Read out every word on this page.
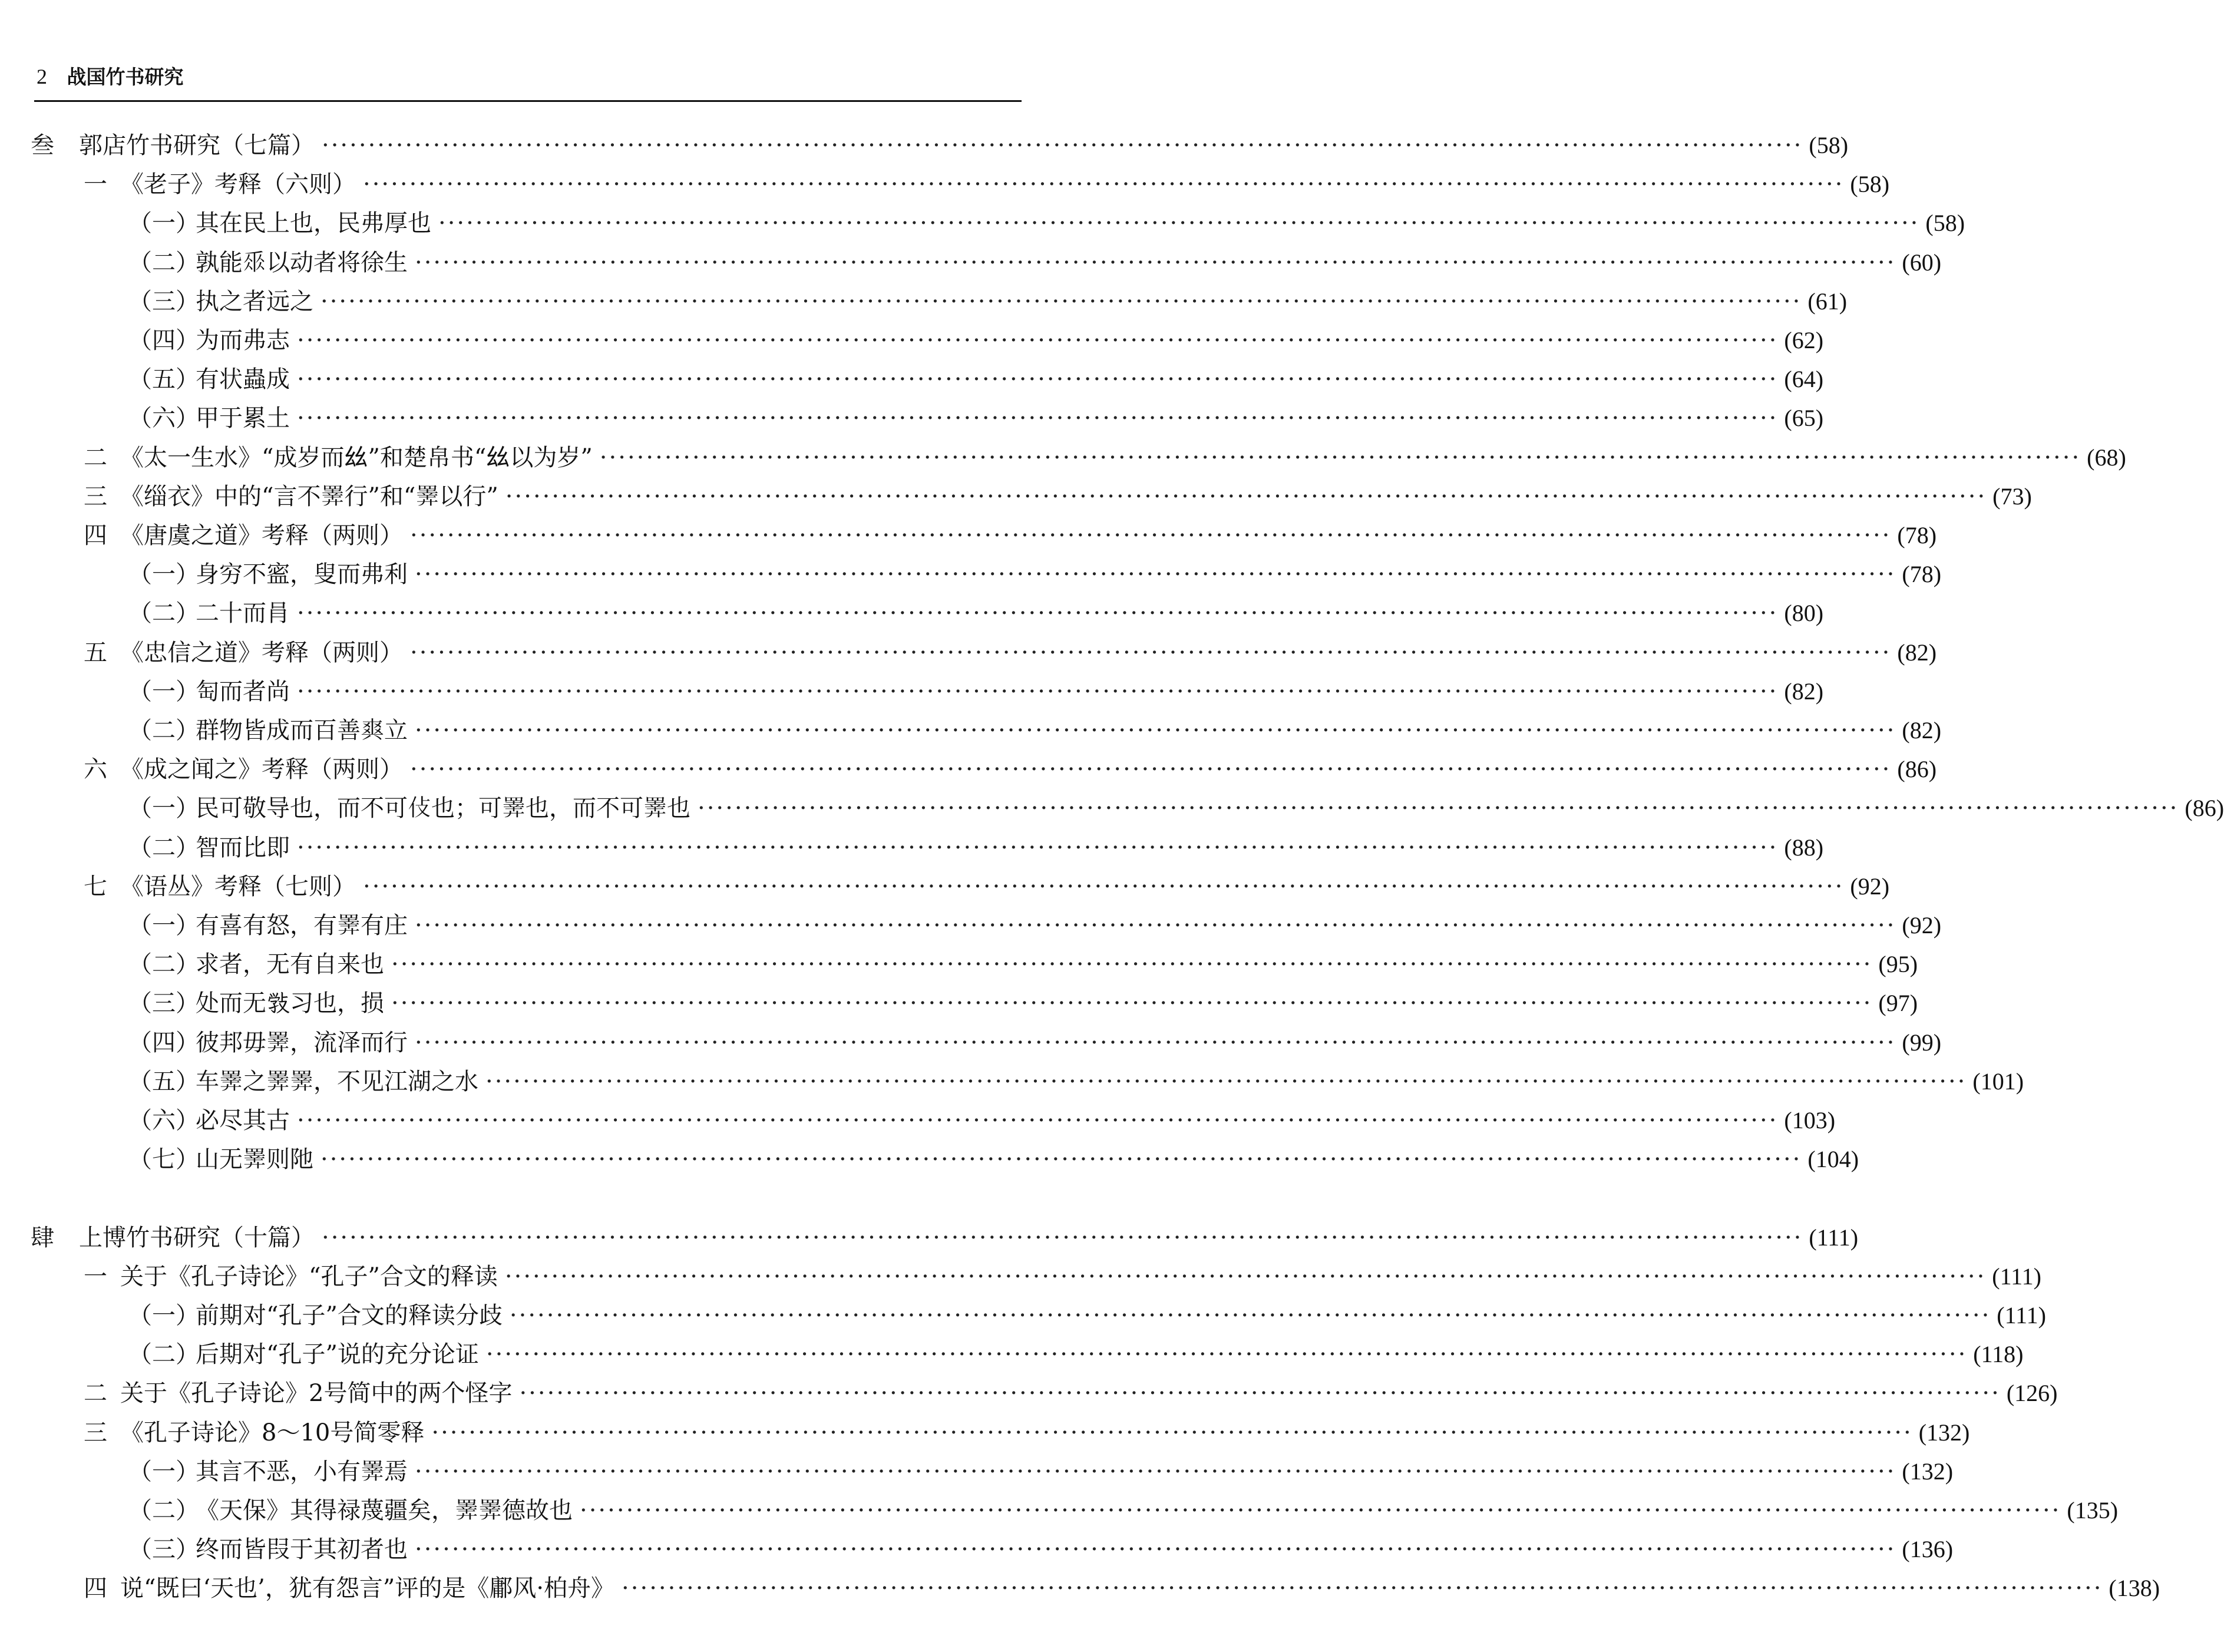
2 战国竹书研究
叁	郭店竹书研究（七篇） ································································································································································ (58)
一 《老子》考释（六则） ································································································································································ (58)
（一）
其在民上也，民弗厚也 ································································································································································ (58)
（二）
孰能𠂹以动者将徐生 ································································································································································ (60)
（三）
执之者远之 ································································································································································ (61)
（四）
为而弗志 ································································································································································ (62)
（五）
有状蟲成 ································································································································································ (64)
（六）
甲于累土 ································································································································································ (65)
二 《太一生水》“成岁而𢆶”和楚帛书“𢆶以为岁” ································································································································································ (68)
三 《缁衣》中的“言不𢍰行”和“𢍰以行” ································································································································································ (73)
四 《唐虞之道》考释（两则） ································································································································································ (78)
（一）
身穷不䀄，叟而弗利 ································································································································································ (78)
（二）
二十而肙 ································································································································································ (80)
五 《忠信之道》考释（两则） ································································································································································ (82)
（一）
匋而者尚 ································································································································································ (82)
（二）
群物皆成而百善𤕤立 ································································································································································ (82)
六 《成之闻之》考释（两则） ································································································································································ (86)
（一）
民可敬导也，而不可𠆸也；可𢍰也，而不可𢍰也 ································································································································································ (86)
（二）
智而比即 ································································································································································ (88)
七 《语丛》考释（七则） ································································································································································ (92)
（一）
有喜有怒，有𢍰有庄 ································································································································································ (92)
（二）
求者，无有自来也 ································································································································································ (95)
（三）
处而无𢽾习也，损 ································································································································································ (97)
（四）
彼邦毋𢍰，流泽而行 ································································································································································ (99)
（五）
车𢍰之𢍰𢍰，不见江湖之水 ································································································································································ (101)
（六）
必尽其古 ································································································································································ (103)
（七）
山无𢍰则阤 ································································································································································ (104)
肆	上博竹书研究（十篇） ································································································································································ (111)
一 关于《孔子诗论》“孔子”合文的释读 ································································································································································ (111)
（一）
前期对“孔子”合文的释读分歧 ································································································································································ (111)
（二）
后期对“孔子”说的充分论证 ································································································································································ (118)
二 关于《孔子诗论》2号简中的两个怪字 ································································································································································ (126)
三 《孔子诗论》8～10号简零释 ································································································································································ (132)
（一）
其言不恶，小有𢍰焉 ································································································································································ (132)
（二）
《天保》其得禄蔑疆矣，𢍰𢍰德故也 ································································································································································ (135)
（三）
终而皆叚于其初者也 ································································································································································ (136)
四 说“既曰‘天也’，犹有怨言”评的是《鄘风·柏舟》 ································································································································································ (138)
